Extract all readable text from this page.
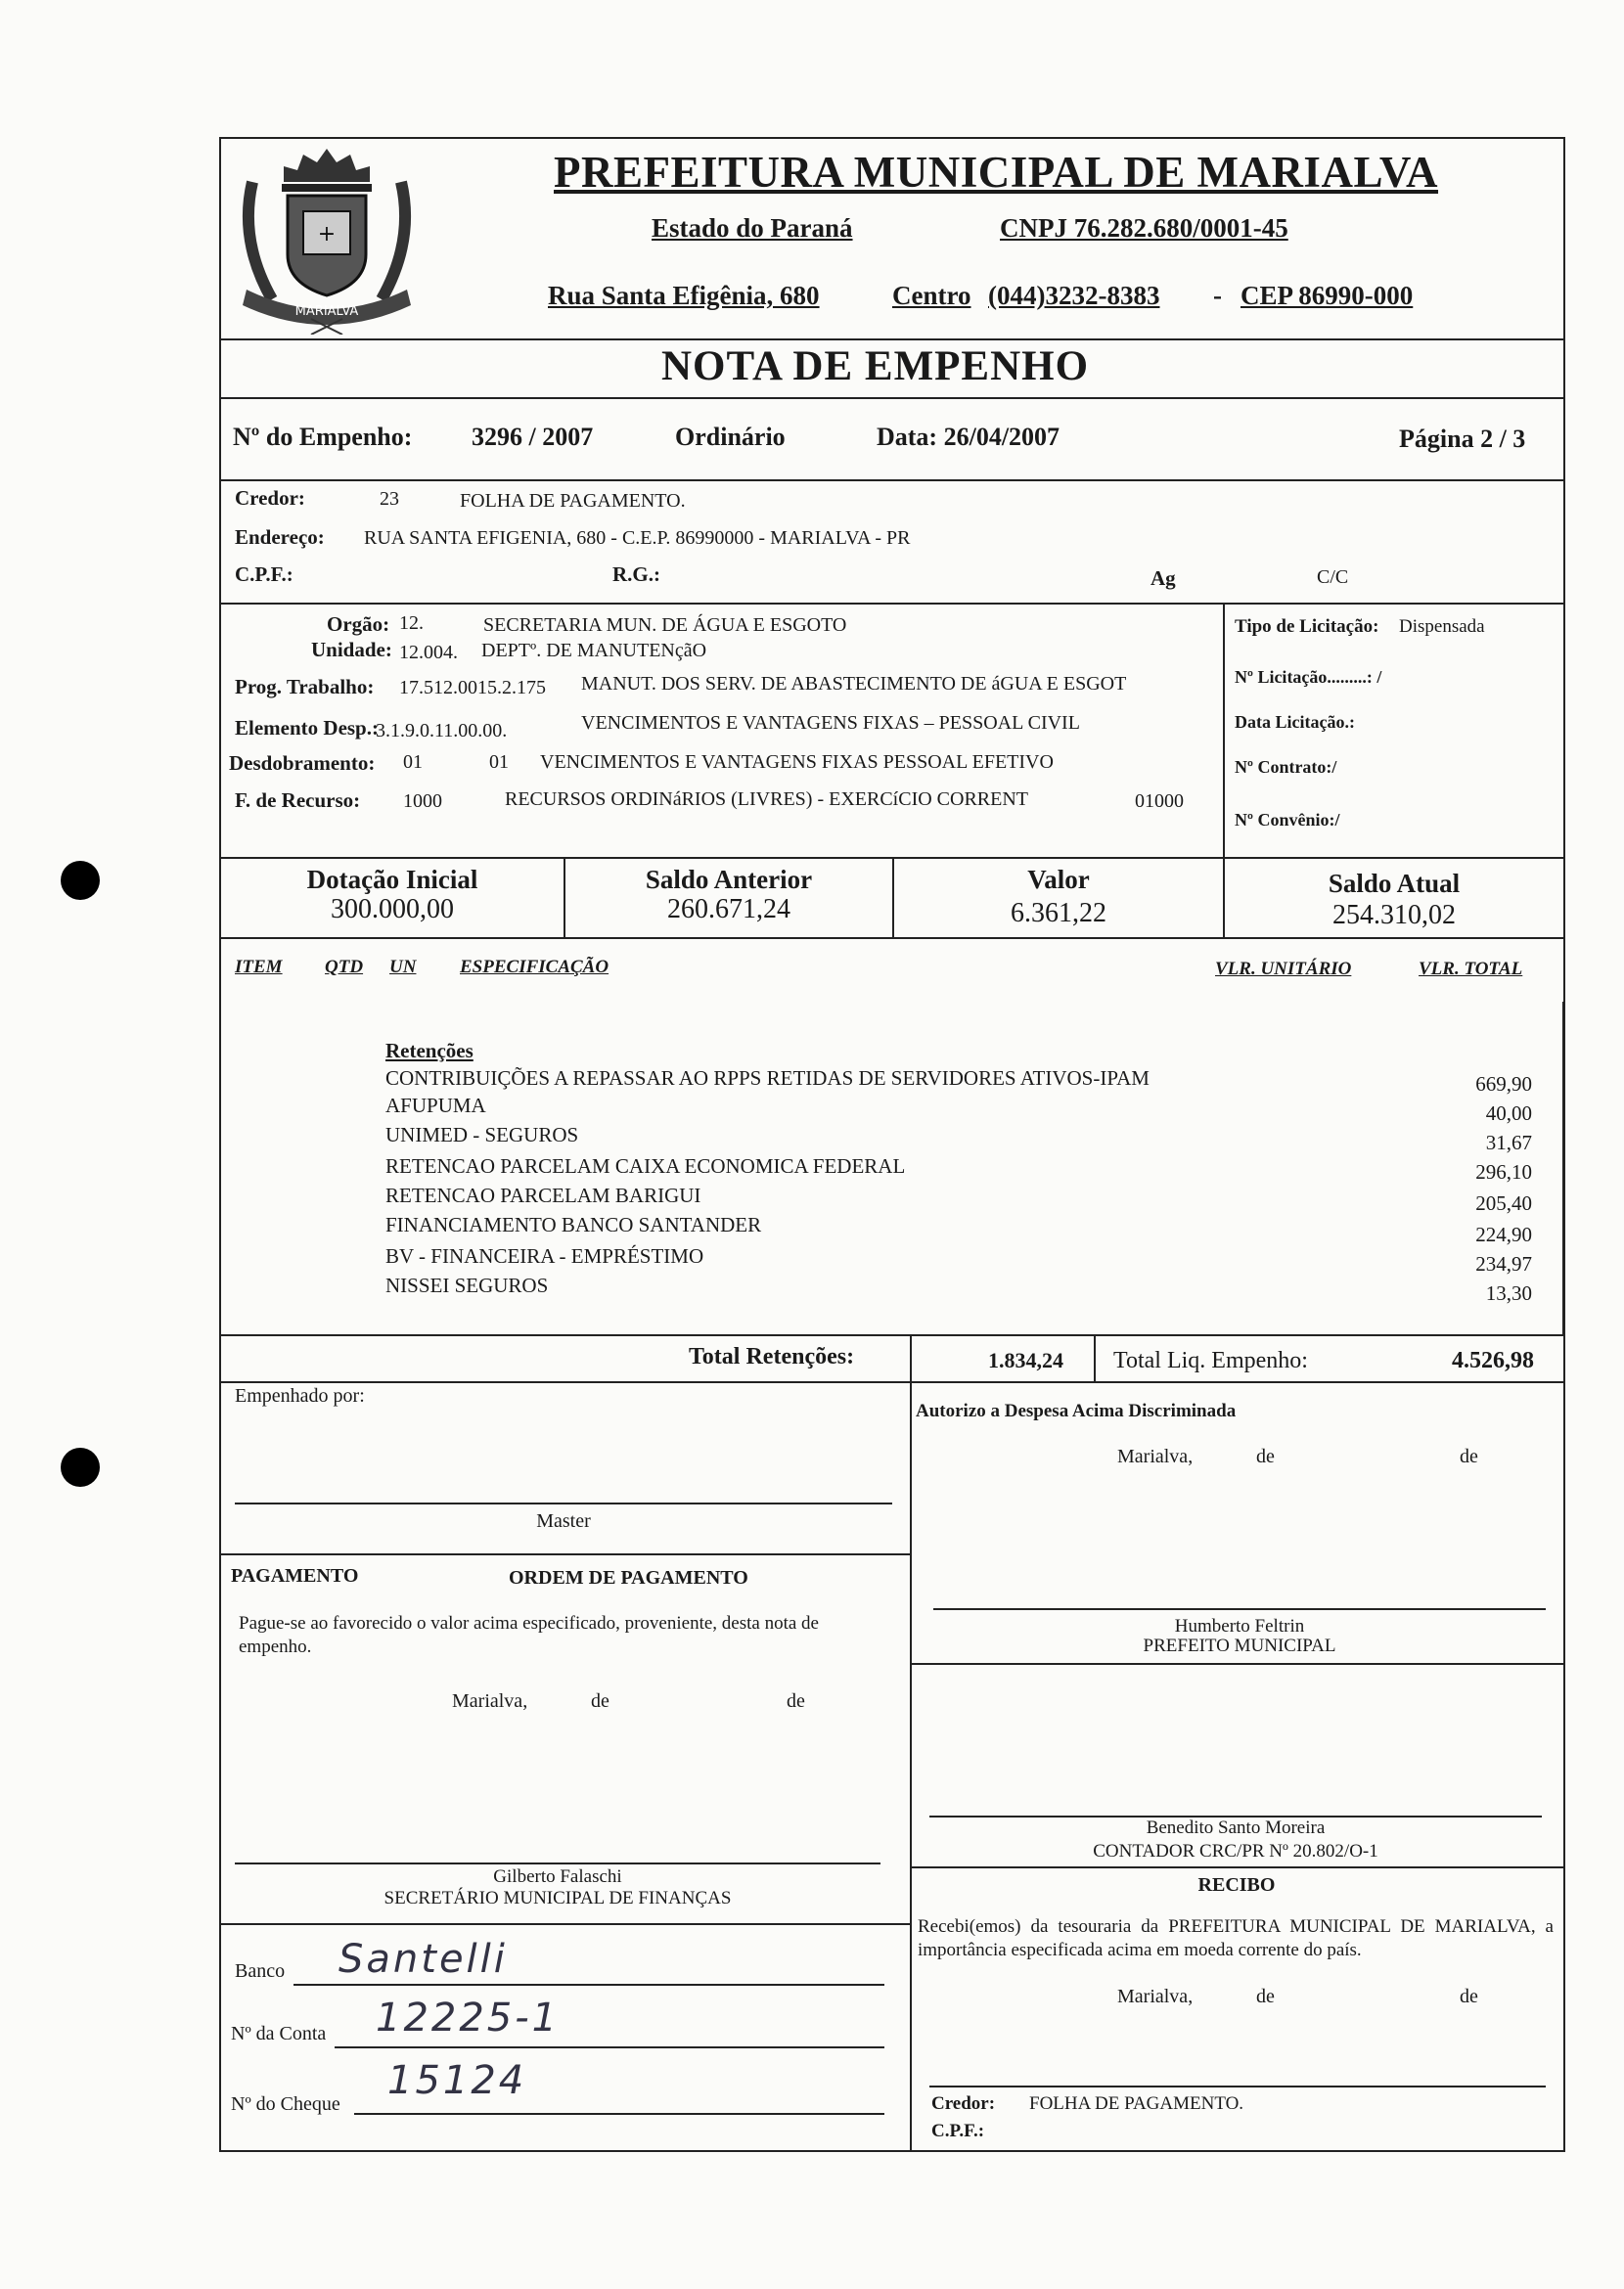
+
MARIALVA
PREFEITURA MUNICIPAL DE MARIALVA
Estado do Paraná	CNPJ 76.282.680/0001-45
Rua Santa Efigênia, 680	Centro (044)3232-8383 - CEP 86990-000
NOTA DE EMPENHO
Nº do Empenho: 3296 / 2007	Ordinário	Data: 26/04/2007	Página 2 / 3
Credor:	23	FOLHA DE PAGAMENTO.
Endereço: RUA SANTA EFIGENIA, 680 - C.E.P. 86990000 - MARIALVA - PR
C.P.F.:	R.G.:	Ag	C/C
Orgão: 12.	SECRETARIA MUN. DE ÁGUA E ESGOTO
Unidade: 12.004. DEPTº. DE MANUTENçãO
Prog. Trabalho: 17.512.0015.2.175 MANUT. DOS SERV. DE ABASTECIMENTO DE áGUA E ESGOT
Elemento Desp.:
3.1.9.0.11.00.00.	VENCIMENTOS E VANTAGENS FIXAS – PESSOAL CIVIL
Desdobramento: 01	01 VENCIMENTOS E VANTAGENS FIXAS PESSOAL EFETIVO
F. de Recurso: 1000	RECURSOS ORDINáRIOS (LIVRES) - EXERCíCIO CORRENT	01000
Tipo de Licitação: Dispensada
Nº Licitação.........: /
Data Licitação.:
Nº Contrato:/
Nº Convênio:/
Dotação Inicial
300.000,00
Saldo Anterior
260.671,24
Valor
6.361,22
Saldo Atual
254.310,02
ITEM QTD UN ESPECIFICAÇÃO	VLR. UNITÁRIO	VLR. TOTAL
Retenções
CONTRIBUIÇÕES A REPASSAR AO RPPS RETIDAS DE SERVIDORES ATIVOS-IPAM	669,90
AFUPUMA	40,00
UNIMED - SEGUROS	31,67
RETENCAO PARCELAM CAIXA ECONOMICA FEDERAL	296,10
RETENCAO PARCELAM BARIGUI	205,40
FINANCIAMENTO BANCO SANTANDER	224,90
BV - FINANCEIRA - EMPRÉSTIMO	234,97
NISSEI SEGUROS	13,30
Total Retenções:	1.834,24 Total Liq. Empenho:	4.526,98
Empenhado por:
Master
Autorizo a Despesa Acima Discriminada
Marialva,	de	de
PAGAMENTO	ORDEM DE PAGAMENTO
Pague-se ao favorecido o valor acima especificado, proveniente, desta nota de empenho.
Marialva,	de	de
Humberto Feltrin
PREFEITO MUNICIPAL
Benedito Santo Moreira
CONTADOR CRC/PR Nº 20.802/O-1
Gilberto Falaschi
SECRETÁRIO MUNICIPAL DE FINANÇAS
RECIBO
Recebi(emos) da tesouraria da PREFEITURA MUNICIPAL DE MARIALVA, a importância especificada acima em moeda corrente do país.
Marialva,	de	de
Credor: FOLHA DE PAGAMENTO.
C.P.F.:
Banco Santelli
Nº da Conta 12225-1
Nº do Cheque
15124
